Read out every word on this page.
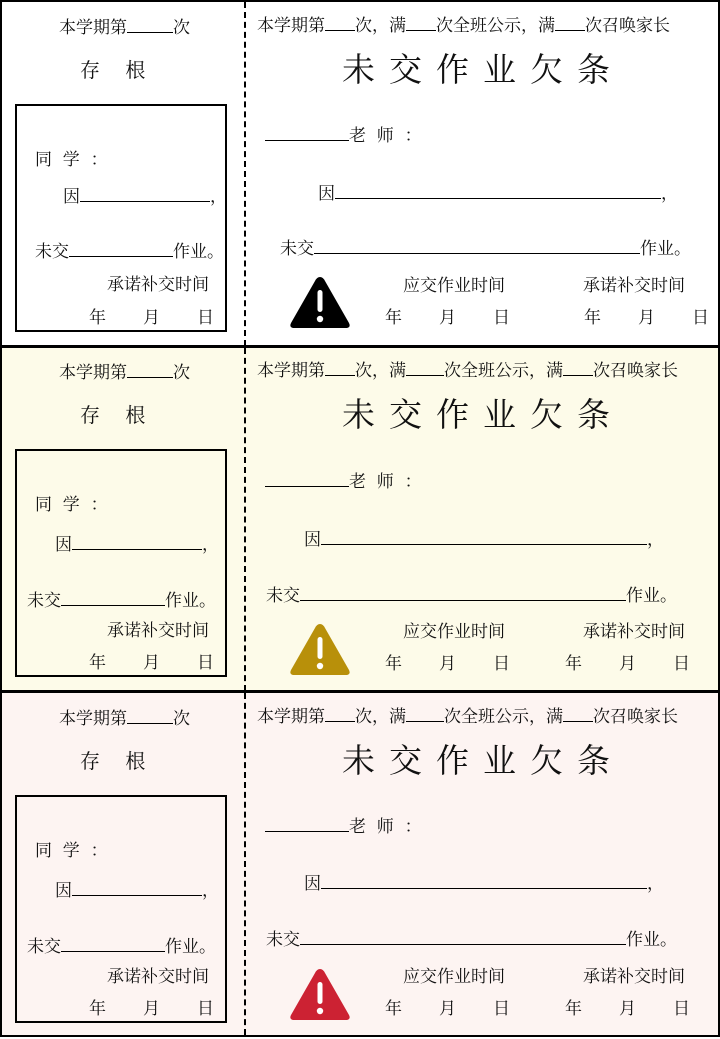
本学期第	次
存    根
同  学  ：
因	，
未交	作业。
承诺补交时间
年 月 日
本学期第 次，满 次全班公示，满 次召唤家长
未交作业欠条
老  师  ：
因	，
未交	作业。
应交作业时间	承诺补交时间
年 月 日	年 月 日
本学期第	次
存    根
同  学  ：
因	，
未交	作业。
承诺补交时间
年 月 日
本学期第 次，满 次全班公示，满 次召唤家长
未交作业欠条
老  师  ：
因	，
未交	作业。
应交作业时间	承诺补交时间
年 月 日	年 月 日
本学期第	次
存    根
同  学  ：
因	，
未交	作业。
承诺补交时间
年 月 日
本学期第 次，满 次全班公示，满 次召唤家长
未交作业欠条
老  师  ：
因	，
未交	作业。
应交作业时间	承诺补交时间
年 月 日	年 月 日
